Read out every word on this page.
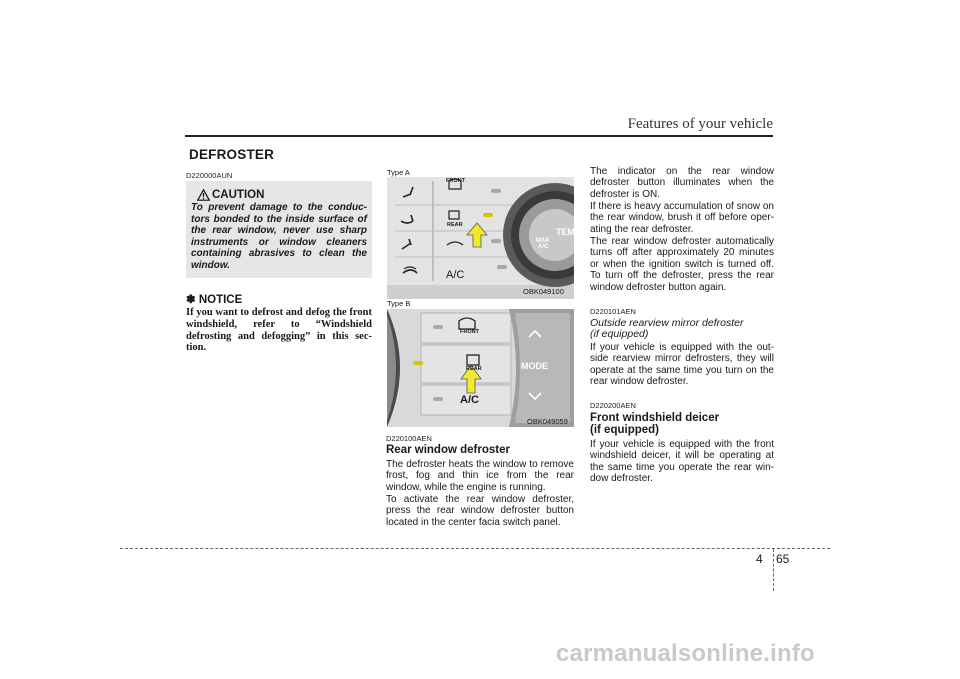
Features of your vehicle
DEFROSTER
D220000AUN
CAUTION
To prevent damage to the conduc-tors bonded to the inside surface of the rear window, never use sharp instruments or window cleaners containing abrasives to clean the window.
✽ NOTICE
If you want to defrost and defog the front windshield, refer to “Windshield defrosting and defogging” in this sec-tion.
Type A
FRONT
REAR
A/C
MAX
A/C
TEM
OBK049100
Type B
FRONT
REAR
A/C
MODE
OBK049059
D220100AEN
Rear window defroster
The defroster heats the window to remove frost, fog and thin ice from the rear window, while the engine is running.
To activate the rear window defroster, press the rear window defroster button located in the center facia switch panel.
The indicator on the rear window defroster button illuminates when the defroster is ON.
If there is heavy accumulation of snow on the rear window, brush it off before oper-ating the rear defroster.
The rear window defroster automatically turns off after approximately 20 minutes or when the ignition switch is turned off. To turn off the defroster, press the rear window defroster button again.
D220101AEN
Outside rearview mirror defroster
(if equipped)
If your vehicle is equipped with the out-side rearview mirror defrosters, they will operate at the same time you turn on the rear window defroster.
D220200AEN
Front windshield deicer
(if equipped)
If your vehicle is equipped with the front windshield deicer, it will be operating at the same time you operate the rear win-dow defroster.
4 65
carmanualsonline.info
